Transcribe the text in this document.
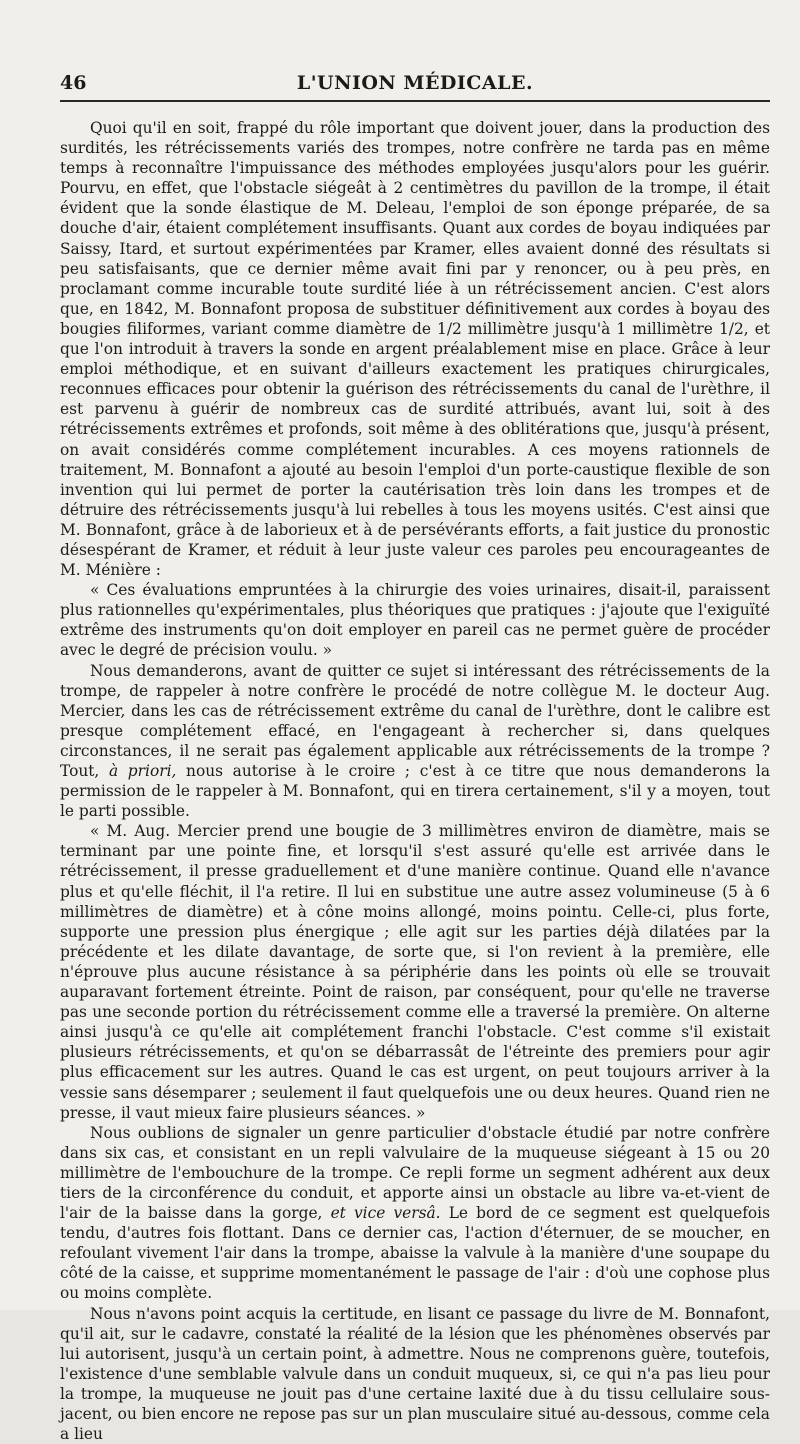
46	L'UNION MÉDICALE.

Quoi qu'il en soit, frappé du rôle important que doivent jouer, dans la production des surdités, les rétrécissements variés des trompes, notre confrère ne tarda pas en même temps à reconnaître l'impuissance des méthodes employées jusqu'alors pour les guérir. Pourvu, en effet, que l'obstacle siégeât à 2 centimètres du pavillon de la trompe, il était évident que la sonde élastique de M. Deleau, l'emploi de son éponge préparée, de sa douche d'air, étaient complétement insuffisants. Quant aux cordes de boyau indiquées par Saissy, Itard, et surtout expérimentées par Kramer, elles avaient donné des résultats si peu satisfaisants, que ce dernier même avait fini par y renoncer, ou à peu près, en proclamant comme incurable toute surdité liée à un rétrécissement ancien. C'est alors que, en 1842, M. Bonnafont proposa de substituer définitivement aux cordes à boyau des bougies filiformes, variant comme diamètre de 1/2 millimètre jusqu'à 1 millimètre 1/2, et que l'on introduit à travers la sonde en argent préalablement mise en place. Grâce à leur emploi méthodique, et en suivant d'ailleurs exactement les pratiques chirurgicales, reconnues efficaces pour obtenir la guérison des rétrécissements du canal de l'urèthre, il est parvenu à guérir de nombreux cas de surdité attribués, avant lui, soit à des rétrécissements extrêmes et profonds, soit même à des oblitérations que, jusqu'à présent, on avait considérés comme complétement incurables. A ces moyens rationnels de traitement, M. Bonnafont a ajouté au besoin l'emploi d'un porte-caustique flexible de son invention qui lui permet de porter la cautérisation très loin dans les trompes et de détruire des rétrécissements jusqu'à lui rebelles à tous les moyens usités. C'est ainsi que M. Bonnafont, grâce à de laborieux et à de persévérants efforts, a fait justice du pronostic désespérant de Kramer, et réduit à leur juste valeur ces paroles peu encourageantes de M. Ménière :

« Ces évaluations empruntées à la chirurgie des voies urinaires, disait-il, paraissent plus rationnelles qu'expérimentales, plus théoriques que pratiques : j'ajoute que l'exiguïté extrême des instruments qu'on doit employer en pareil cas ne permet guère de procéder avec le degré de précision voulu. »

Nous demanderons, avant de quitter ce sujet si intéressant des rétrécissements de la trompe, de rappeler à notre confrère le procédé de notre collègue M. le docteur Aug. Mercier, dans les cas de rétrécissement extrême du canal de l'urèthre, dont le calibre est presque complétement effacé, en l'engageant à rechercher si, dans quelques circonstances, il ne serait pas également applicable aux rétrécissements de la trompe ? Tout, à priori, nous autorise à le croire ; c'est à ce titre que nous demanderons la permission de le rappeler à M. Bonnafont, qui en tirera certainement, s'il y a moyen, tout le parti possible.

« M. Aug. Mercier prend une bougie de 3 millimètres environ de diamètre, mais se terminant par une pointe fine, et lorsqu'il s'est assuré qu'elle est arrivée dans le rétrécissement, il presse graduellement et d'une manière continue. Quand elle n'avance plus et qu'elle fléchit, il l'a retire. Il lui en substitue une autre assez volumineuse (5 à 6 millimètres de diamètre) et à cône moins allongé, moins pointu. Celle-ci, plus forte, supporte une pression plus énergique ; elle agit sur les parties déjà dilatées par la précédente et les dilate davantage, de sorte que, si l'on revient à la première, elle n'éprouve plus aucune résistance à sa périphérie dans les points où elle se trouvait auparavant fortement étreinte. Point de raison, par conséquent, pour qu'elle ne traverse pas une seconde portion du rétrécissement comme elle a traversé la première. On alterne ainsi jusqu'à ce qu'elle ait complétement franchi l'obstacle. C'est comme s'il existait plusieurs rétrécissements, et qu'on se débarrassât de l'étreinte des premiers pour agir plus efficacement sur les autres. Quand le cas est urgent, on peut toujours arriver à la vessie sans désemparer ; seulement il faut quelquefois une ou deux heures. Quand rien ne presse, il vaut mieux faire plusieurs séances. »

Nous oublions de signaler un genre particulier d'obstacle étudié par notre confrère dans six cas, et consistant en un repli valvulaire de la muqueuse siégeant à 15 ou 20 millimètre de l'embouchure de la trompe. Ce repli forme un segment adhérent aux deux tiers de la circonférence du conduit, et apporte ainsi un obstacle au libre va-et-vient de l'air de la baisse dans la gorge, et vice versâ. Le bord de ce segment est quelquefois tendu, d'autres fois flottant. Dans ce dernier cas, l'action d'éternuer, de se moucher, en refoulant vivement l'air dans la trompe, abaisse la valvule à la manière d'une soupape du côté de la caisse, et supprime momentanément le passage de l'air : d'où une cophose plus ou moins complète.

Nous n'avons point acquis la certitude, en lisant ce passage du livre de M. Bonnafont, qu'il ait, sur le cadavre, constaté la réalité de la lésion que les phénomènes observés par lui autorisent, jusqu'à un certain point, à admettre. Nous ne comprenons guère, toutefois, l'existence d'une semblable valvule dans un conduit muqueux, si, ce qui n'a pas lieu pour la trompe, la muqueuse ne jouit pas d'une certaine laxité due à du tissu cellulaire sous-jacent, ou bien encore ne repose pas sur un plan musculaire situé au-dessous, comme cela a lieu
